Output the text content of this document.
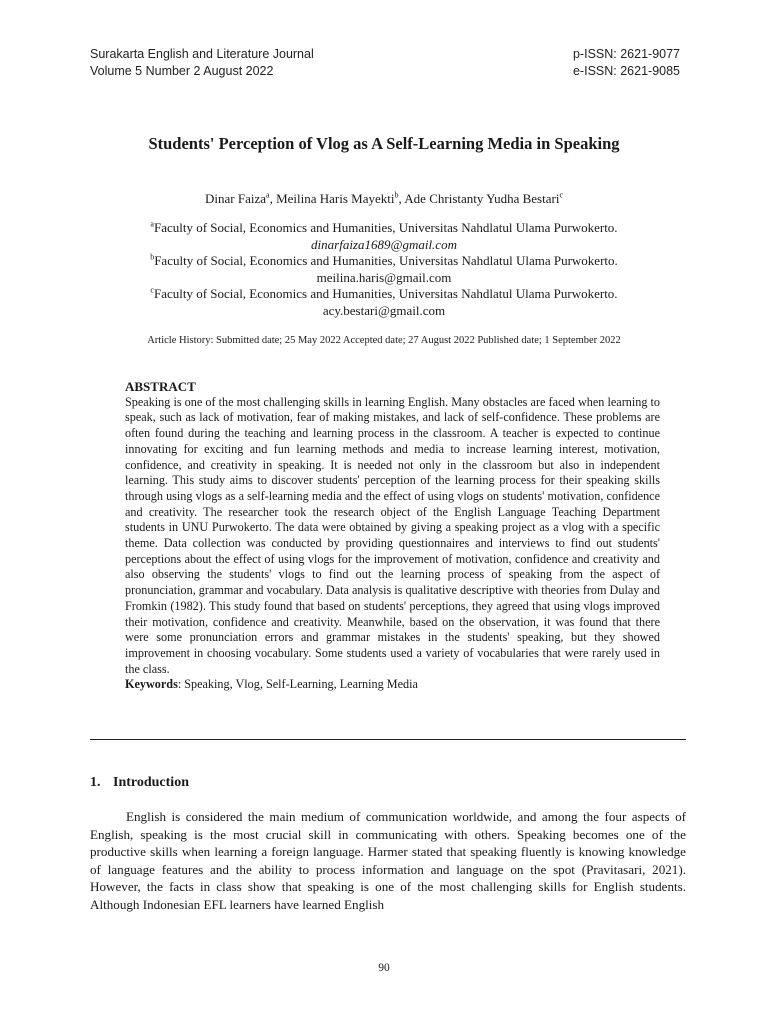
Surakarta English and Literature Journal
Volume 5 Number 2 August 2022
p-ISSN: 2621-9077
e-ISSN: 2621-9085
Students' Perception of Vlog as A Self-Learning Media in Speaking
Dinar Faiza$^a$, Meilina Haris Mayekti$^b$, Ade Christanty Yudha Bestari$^c$
$^a$Faculty of Social, Economics and Humanities, Universitas Nahdlatul Ulama Purwokerto.
dinarfaiza1689@gmail.com
$^b$Faculty of Social, Economics and Humanities, Universitas Nahdlatul Ulama Purwokerto.
meilina.haris@gmail.com
$^c$Faculty of Social, Economics and Humanities, Universitas Nahdlatul Ulama Purwokerto.
acy.bestari@gmail.com
Article History: Submitted date; 25 May 2022 Accepted date; 27 August 2022 Published date; 1 September 2022

ABSTRACT

Speaking is one of the most challenging skills in learning English. Many obstacles are faced when learning to speak, such as lack of motivation, fear of making mistakes, and lack of self-confidence. These problems are often found during the teaching and learning process in the classroom. A teacher is expected to continue innovating for exciting and fun learning methods and media to increase learning interest, motivation, confidence, and creativity in speaking. It is needed not only in the classroom but also in independent learning. This study aims to discover students' perception of the learning process for their speaking skills through using vlogs as a self-learning media and the effect of using vlogs on students' motivation, confidence and creativity. The researcher took the research object of the English Language Teaching Department students in UNU Purwokerto. The data were obtained by giving a speaking project as a vlog with a specific theme. Data collection was conducted by providing questionnaires and interviews to find out students' perceptions about the effect of using vlogs for the improvement of motivation, confidence and creativity and also observing the students' vlogs to find out the learning process of speaking from the aspect of pronunciation, grammar and vocabulary. Data analysis is qualitative descriptive with theories from Dulay and Fromkin (1982). This study found that based on students' perceptions, they agreed that using vlogs improved their motivation, confidence and creativity. Meanwhile, based on the observation, it was found that there were some pronunciation errors and grammar mistakes in the students' speaking, but they showed improvement in choosing vocabulary. Some students used a variety of vocabularies that were rarely used in the class.

Keywords: Speaking, Vlog, Self-Learning, Learning Media

1. Introduction

English is considered the main medium of communication worldwide, and among the four aspects of English, speaking is the most crucial skill in communicating with others. Speaking becomes one of the productive skills when learning a foreign language. Harmer stated that speaking fluently is knowing knowledge of language features and the ability to process information and language on the spot (Pravitasari, 2021). However, the facts in class show that speaking is one of the most challenging skills for English students. Although Indonesian EFL learners have learned English

90
